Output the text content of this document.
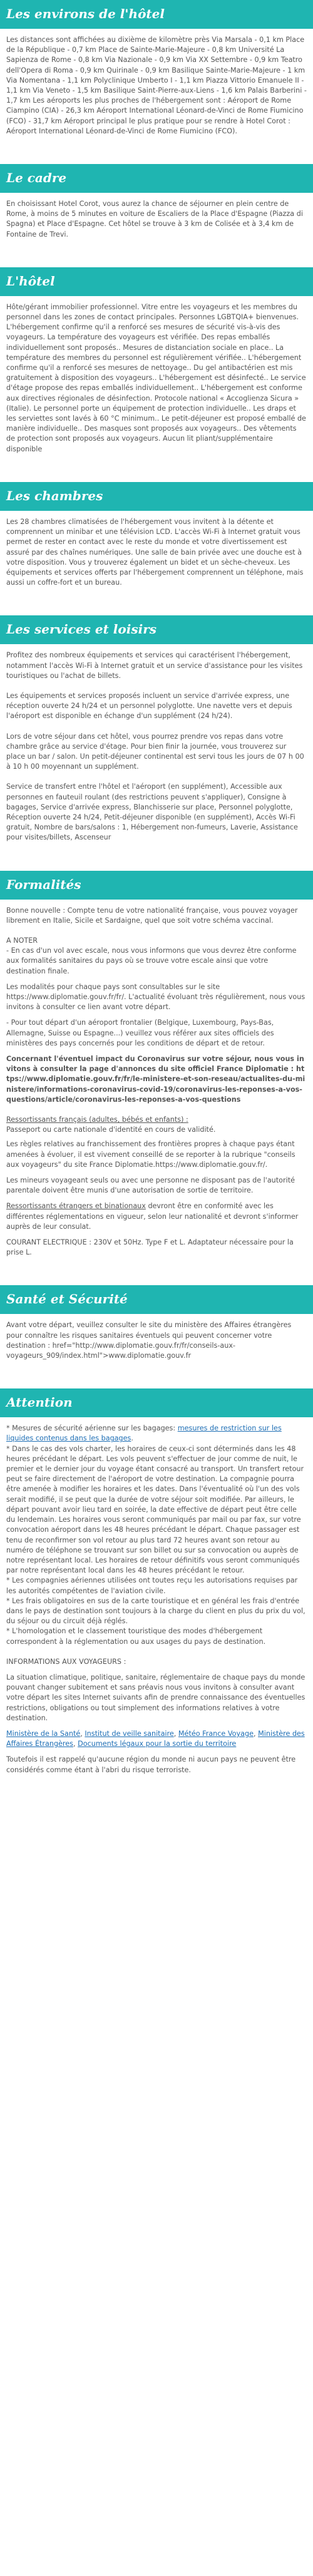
Les environs de l'hôtel

Les distances sont affichées au dixième de kilomètre près Via Marsala - 0,1 km Place de la République - 0,7 km Place de Sainte-Marie-Majeure - 0,8 km Université La Sapienza de Rome - 0,8 km Via Nazionale - 0,9 km Via XX Settembre - 0,9 km Teatro dell'Opera di Roma - 0,9 km Quirinale - 0,9 km Basilique Sainte-Marie-Majeure - 1 km Via Nomentana - 1,1 km Polyclinique Umberto I - 1,1 km Piazza Vittorio Emanuele II - 1,1 km Via Veneto - 1,5 km Basilique Saint-Pierre-aux-Liens - 1,6 km Palais Barberini - 1,7 km Les aéroports les plus proches de l'hébergement sont : Aéroport de Rome Ciampino (CIA) - 26,3 km Aéroport International Léonard-de-Vinci de Rome Fiumicino (FCO) - 31,7 km Aéroport principal le plus pratique pour se rendre à Hotel Corot : Aéroport International Léonard-de-Vinci de Rome Fiumicino (FCO).

Le cadre

En choisissant Hotel Corot, vous aurez la chance de séjourner en plein centre de Rome, à moins de 5 minutes en voiture de Escaliers de la Place d'Espagne (Piazza di Spagna) et Place d'Espagne. Cet hôtel se trouve à 3 km de Colisée et à 3,4 km de Fontaine de Trevi.

L'hôtel

Hôte/gérant immobilier professionnel. Vitre entre les voyageurs et les membres du personnel dans les zones de contact principales. Personnes LGBTQIA+ bienvenues. L'hébergement confirme qu'il a renforcé ses mesures de sécurité vis-à-vis des voyageurs. La température des voyageurs est vérifiée. Des repas emballés individuellement sont proposés.. Mesures de distanciation sociale en place.. La température des membres du personnel est régulièrement vérifiée.. L'hébergement confirme qu'il a renforcé ses mesures de nettoyage.. Du gel antibactérien est mis gratuitement à disposition des voyageurs.. L'hébergement est désinfecté.. Le service d'étage propose des repas emballés individuellement.. L'hébergement est conforme aux directives régionales de désinfection. Protocole national « Accoglienza Sicura » (Italie). Le personnel porte un équipement de protection individuelle.. Les draps et les serviettes sont lavés à 60 °C minimum.. Le petit-déjeuner est proposé emballé de manière individuelle.. Des masques sont proposés aux voyageurs.. Des vêtements de protection sont proposés aux voyageurs. Aucun lit pliant/supplémentaire disponible

Les chambres

Les 28 chambres climatisées de l'hébergement vous invitent à la détente et comprennent un minibar et une télévision LCD. L'accès Wi-Fi à Internet gratuit vous permet de rester en contact avec le reste du monde et votre divertissement est assuré par des chaînes numériques. Une salle de bain privée avec une douche est à votre disposition. Vous y trouverez également un bidet et un sèche-cheveux. Les équipements et services offerts par l'hébergement comprennent un téléphone, mais aussi un coffre-fort et un bureau.

Les services et loisirs

Profitez des nombreux équipements et services qui caractérisent l'hébergement, notamment l'accès Wi-Fi à Internet gratuit et un service d'assistance pour les visites touristiques ou l'achat de billets.

Les équipements et services proposés incluent un service d'arrivée express, une réception ouverte 24 h/24 et un personnel polyglotte. Une navette vers et depuis l'aéroport est disponible en échange d'un supplément (24 h/24).

Lors de votre séjour dans cet hôtel, vous pourrez prendre vos repas dans votre chambre grâce au service d'étage. Pour bien finir la journée, vous trouverez sur place un bar / salon. Un petit-déjeuner continental est servi tous les jours de 07 h 00 à 10 h 00 moyennant un supplément.

Service de transfert entre l'hôtel et l'aéroport (en supplément), Accessible aux personnes en fauteuil roulant (des restrictions peuvent s'appliquer), Consigne à bagages, Service d'arrivée express, Blanchisserie sur place, Personnel polyglotte, Réception ouverte 24 h/24, Petit-déjeuner disponible (en supplément), Accès Wi-Fi gratuit, Nombre de bars/salons : 1, Hébergement non-fumeurs, Laverie, Assistance pour visites/billets, Ascenseur

Formalités

Bonne nouvelle : Compte tenu de votre nationalité française, vous pouvez voyager librement en Italie, Sicile et Sardaigne, quel que soit votre schéma vaccinal.

A NOTER

- En cas d'un vol avec escale, nous vous informons que vous devrez être conforme aux formalités sanitaires du pays où se trouve votre escale ainsi que votre destination finale.

Les modalités pour chaque pays sont consultables sur le site https://www.diplomatie.gouv.fr/fr/. L'actualité évoluant très régulièrement, nous vous invitons à consulter ce lien avant votre départ.

- Pour tout départ d'un aéroport frontalier (Belgique, Luxembourg, Pays-Bas, Allemagne, Suisse ou Espagne...) veuillez vous référer aux sites officiels des ministères des pays concernés pour les conditions de départ et de retour.

Concernant l'éventuel impact du Coronavirus sur votre séjour, nous vous invitons à consulter la page d'annonces du site officiel France Diplomatie : https://www.diplomatie.gouv.fr/fr/le-ministere-et-son-reseau/actualites-du-ministere/informations-coronavirus-covid-19/coronavirus-les-reponses-a-vos-questions/article/coronavirus-les-reponses-a-vos-questions

Ressortissants français (adultes, bébés et enfants) :
Passeport ou carte nationale d'identité en cours de validité.

Les règles relatives au franchissement des frontières propres à chaque pays étant amenées à évoluer, il est vivement conseillé de se reporter à la rubrique "conseils aux voyageurs" du site France Diplomatie.https://www.diplomatie.gouv.fr/.

Les mineurs voyageant seuls ou avec une personne ne disposant pas de l'autorité parentale doivent être munis d'une autorisation de sortie de territoire.

Ressortissants étrangers et binationaux devront être en conformité avec les différentes réglementations en vigueur, selon leur nationalité et devront s'informer auprès de leur consulat.

COURANT ELECTRIQUE : 230V et 50Hz. Type F et L. Adaptateur nécessaire pour la prise L.

Santé et Sécurité

Avant votre départ, veuillez consulter le site du ministère des Affaires étrangères pour connaître les risques sanitaires éventuels qui peuvent concerner votre destination : href="http://www.diplomatie.gouv.fr/fr/conseils-aux-voyageurs_909/index.html">www.diplomatie.gouv.fr

Attention

* Mesures de sécurité aérienne sur les bagages: mesures de restriction sur les liquides contenus dans les bagages.

* Dans le cas des vols charter, les horaires de ceux-ci sont déterminés dans les 48 heures précédant le départ. Les vols peuvent s'effectuer de jour comme de nuit, le premier et le dernier jour du voyage étant consacré au transport. Un transfert retour peut se faire directement de l'aéroport de votre destination. La compagnie pourra être amenée à modifier les horaires et les dates. Dans l'éventualité où l'un des vols serait modifié, il se peut que la durée de votre séjour soit modifiée. Par ailleurs, le départ pouvant avoir lieu tard en soirée, la date effective de départ peut être celle du lendemain. Les horaires vous seront communiqués par mail ou par fax, sur votre convocation aéroport dans les 48 heures précédant le départ. Chaque passager est tenu de reconfirmer son vol retour au plus tard 72 heures avant son retour au numéro de téléphone se trouvant sur son billet ou sur sa convocation ou auprès de notre représentant local. Les horaires de retour définitifs vous seront communiqués par notre représentant local dans les 48 heures précédant le retour.

* Les compagnies aériennes utilisées ont toutes reçu les autorisations requises par les autorités compétentes de l'aviation civile.

* Les frais obligatoires en sus de la carte touristique et en général les frais d'entrée dans le pays de destination sont toujours à la charge du client en plus du prix du vol, du séjour ou du circuit déjà réglés.

* L'homologation et le classement touristique des modes d'hébergement correspondent à la réglementation ou aux usages du pays de destination.

INFORMATIONS AUX VOYAGEURS :

La situation climatique, politique, sanitaire, réglementaire de chaque pays du monde pouvant changer subitement et sans préavis nous vous invitons à consulter avant votre départ les sites Internet suivants afin de prendre connaissance des éventuelles restrictions, obligations ou tout simplement des informations relatives à votre destination.

Ministère de la Santé, Institut de veille sanitaire, Météo France Voyage, Ministère des Affaires Étrangères, Documents légaux pour la sortie du territoire

Toutefois il est rappelé qu'aucune région du monde ni aucun pays ne peuvent être considérés comme étant à l'abri du risque terroriste.
